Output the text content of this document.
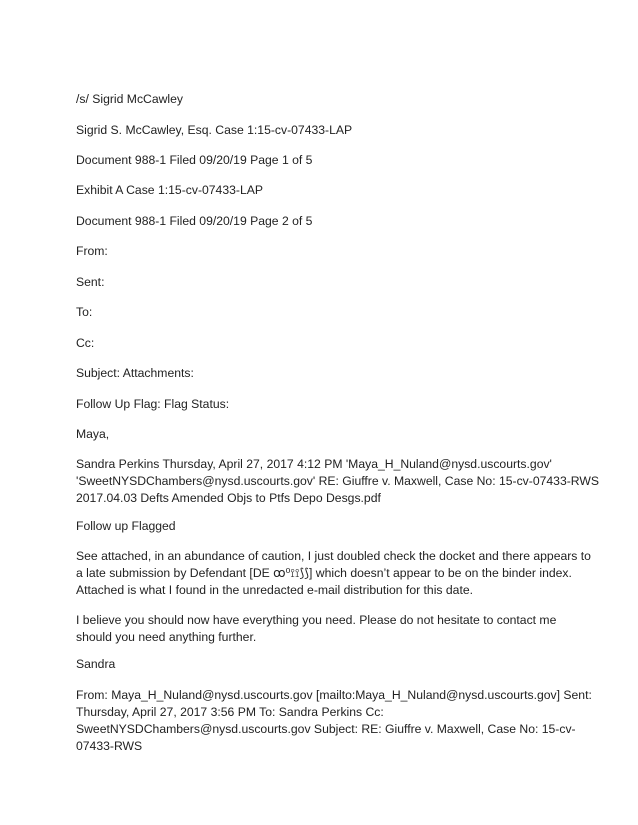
/s/ Sigrid McCawley

Sigrid S. McCawley, Esq. Case 1:15-cv-07433-LAP

Document 988-1 Filed 09/20/19 Page 1 of 5

Exhibit A Case 1:15-cv-07433-LAP

Document 988-1 Filed 09/20/19 Page 2 of 5

From:

Sent:

To:

Cc:

Subject: Attachments:

Follow Up Flag: Flag Status:

Maya,

Sandra Perkins Thursday, April 27, 2017 4:12 PM 'Maya_H_Nuland@nysd.uscourts.gov'
'SweetNYSDChambers@nysd.uscourts.gov' RE: Giuffre v. Maxwell, Case No: 15-cv-07433-RWS
2017.04.03 Defts Amended Objs to Ptfs Depo Desgs.pdf

Follow up Flagged

See attached, in an abundance of caution, I just doubled check the docket and there appears to
a late submission by Defendant [DE ꝏ⁰⟟⟟⟆⟆] which doesn’t appear to be on the binder index.
Attached is what I found in the unredacted e-mail distribution for this date.
I believe you should now have everything you need. Please do not hesitate to contact me
should you need anything further.

Sandra

From: Maya_H_Nuland@nysd.uscourts.gov [mailto:Maya_H_Nuland@nysd.uscourts.gov] Sent:
Thursday, April 27, 2017 3:56 PM To: Sandra Perkins Cc:
SweetNYSDChambers@nysd.uscourts.gov Subject: RE: Giuffre v. Maxwell, Case No: 15-cv-
07433-RWS
